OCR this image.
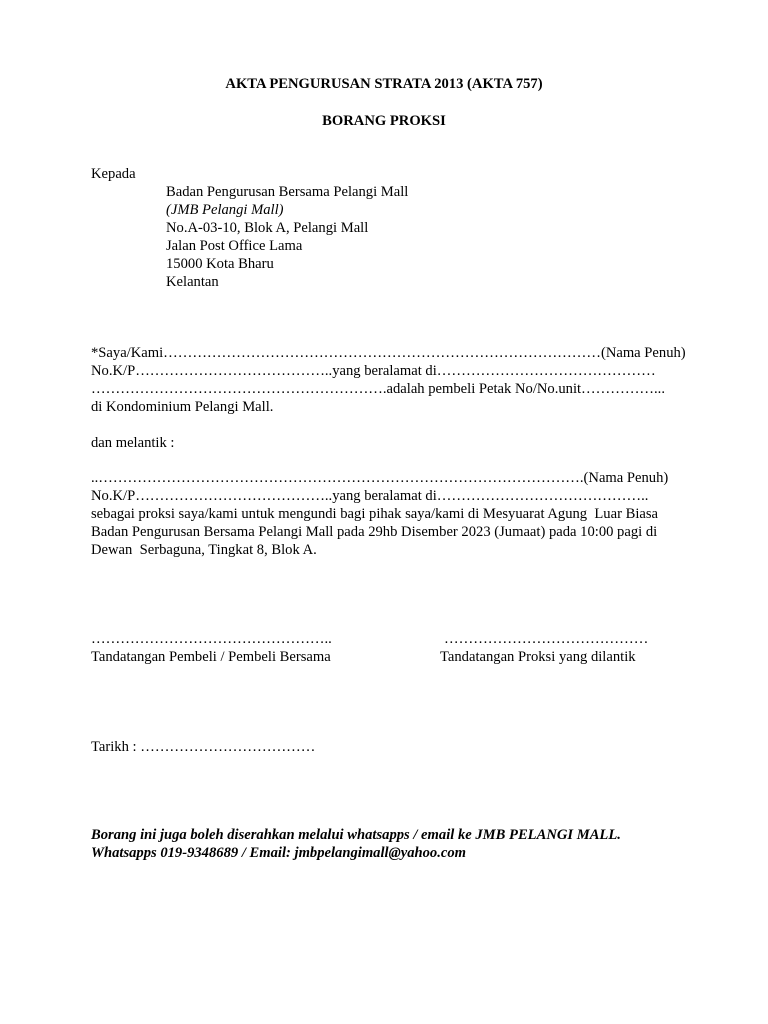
AKTA PENGURUSAN STRATA 2013 (AKTA 757)
BORANG PROKSI
Kepada
Badan Pengurusan Bersama Pelangi Mall
(JMB Pelangi Mall)
No.A-03-10, Blok A, Pelangi Mall
Jalan Post Office Lama
15000 Kota Bharu
Kelantan
*Saya/Kami………………………………………………………………………………(Nama Penuh)
No.K/P…………………………………..yang beralamat di………………………………………
…………………………………………………….adalah pembeli Petak No/No.unit……………...
di Kondominium Pelangi Mall.
dan melantik :
..……………………………………………………………………………………….(Nama Penuh)
No.K/P…………………………………..yang beralamat di……………………………………..
sebagai proksi saya/kami untuk mengundi bagi pihak saya/kami di Mesyuarat Agung  Luar Biasa
Badan Pengurusan Bersama Pelangi Mall pada 29hb Disember 2023 (Jumaat) pada 10:00 pagi di
Dewan  Serbaguna, Tingkat 8, Blok A.
…………………………………………..	……………………………………
Tandatangan Pembeli / Pembeli Bersama	Tandatangan Proksi yang dilantik
Tarikh : ………………………………
Borang ini juga boleh diserahkan melalui whatsapps / email ke JMB PELANGI MALL.
Whatsapps 019-9348689 / Email: jmbpelangimall@yahoo.com
